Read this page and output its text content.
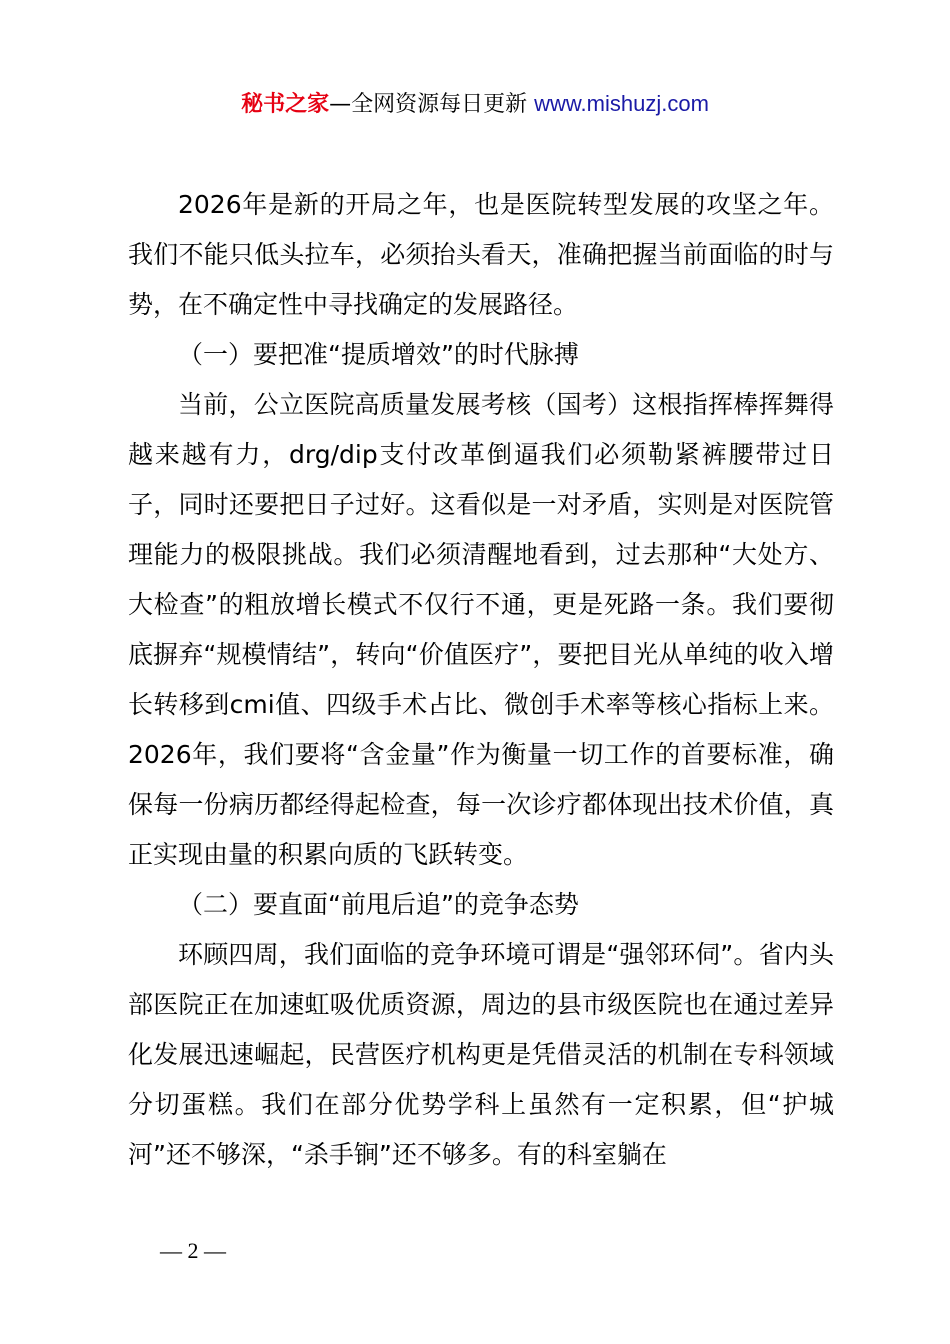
秘书之家—全网资源每日更新 www.mishuzj.com

2026年是新的开局之年，也是医院转型发展的攻坚之年。我们不能只低头拉车，必须抬头看天，准确把握当前面临的时与势，在不确定性中寻找确定的发展路径。

（一）要把准“提质增效”的时代脉搏

当前，公立医院高质量发展考核（国考）这根指挥棒挥舞得越来越有力，drg/dip支付改革倒逼我们必须勒紧裤腰带过日子，同时还要把日子过好。这看似是一对矛盾，实则是对医院管理能力的极限挑战。我们必须清醒地看到，过去那种“大处方、大检查”的粗放增长模式不仅行不通，更是死路一条。我们要彻底摒弃“规模情结”，转向“价值医疗”，要把目光从单纯的收入增长转移到cmi值、四级手术占比、微创手术率等核心指标上来。2026年，我们要将“含金量”作为衡量一切工作的首要标准，确保每一份病历都经得起检查，每一次诊疗都体现出技术价值，真正实现由量的积累向质的飞跃转变。

（二）要直面“前甩后追”的竞争态势

环顾四周，我们面临的竞争环境可谓是“强邻环伺”。省内头部医院正在加速虹吸优质资源，周边的县市级医院也在通过差异化发展迅速崛起，民营医疗机构更是凭借灵活的机制在专科领域分切蛋糕。我们在部分优势学科上虽然有一定积累，但“护城河”还不够深，“杀手锏”还不够多。有的科室躺在

— 2 —
